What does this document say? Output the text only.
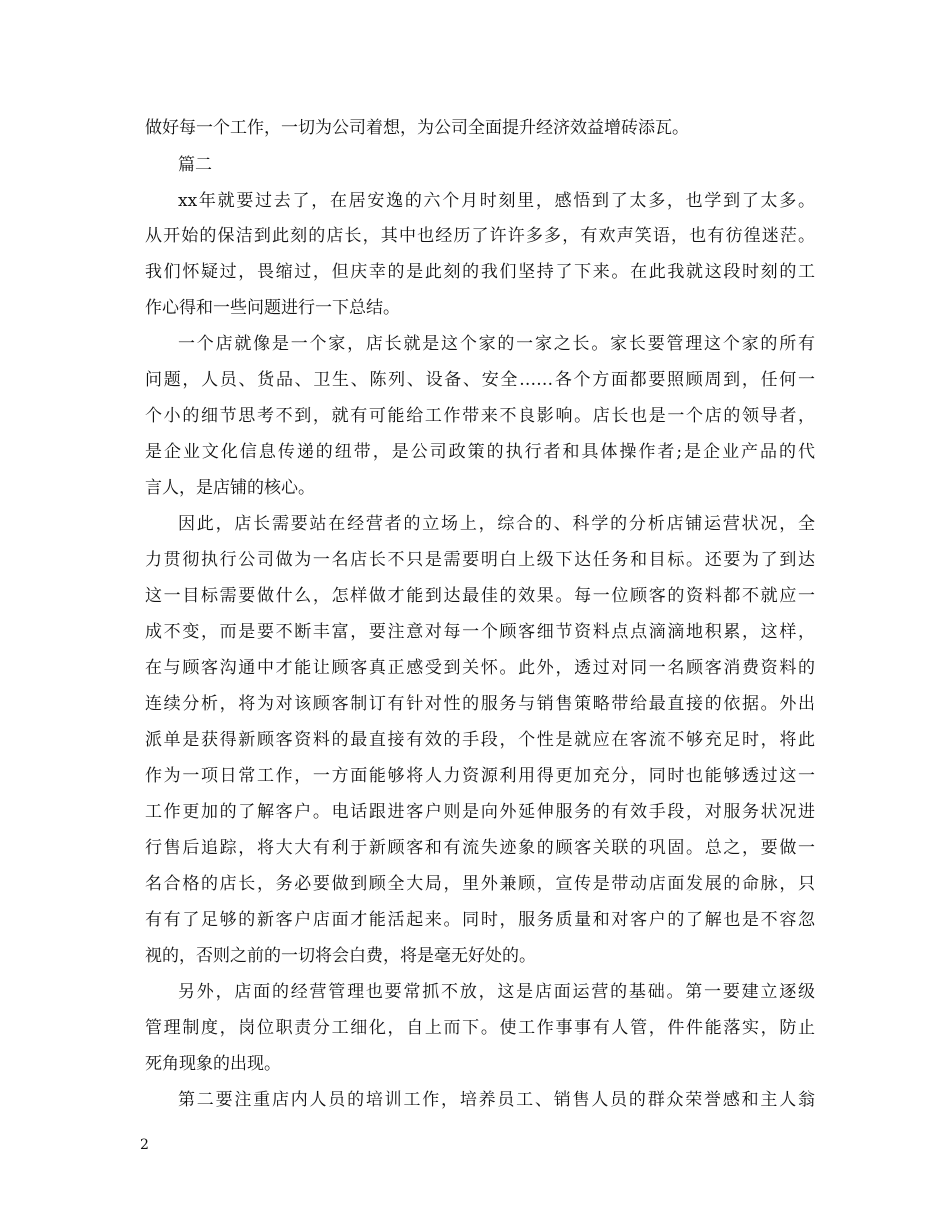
做好每一个工作，一切为公司着想，为公司全面提升经济效益增砖添瓦。
篇二
xx年就要过去了，在居安逸的六个月时刻里，感悟到了太多，也学到了太多。
从开始的保洁到此刻的店长，其中也经历了许许多多，有欢声笑语，也有彷徨迷茫。
我们怀疑过，畏缩过，但庆幸的是此刻的我们坚持了下来。在此我就这段时刻的工
作心得和一些问题进行一下总结。
一个店就像是一个家，店长就是这个家的一家之长。家长要管理这个家的所有
问题，人员、货品、卫生、陈列、设备、安全……各个方面都要照顾周到，任何一
个小的细节思考不到，就有可能给工作带来不良影响。店长也是一个店的领导者，
是企业文化信息传递的纽带，是公司政策的执行者和具体操作者;是企业产品的代
言人，是店铺的核心。
因此，店长需要站在经营者的立场上，综合的、科学的分析店铺运营状况，全
力贯彻执行公司做为一名店长不只是需要明白上级下达任务和目标。还要为了到达
这一目标需要做什么，怎样做才能到达最佳的效果。每一位顾客的资料都不就应一
成不变，而是要不断丰富，要注意对每一个顾客细节资料点点滴滴地积累，这样，
在与顾客沟通中才能让顾客真正感受到关怀。此外，透过对同一名顾客消费资料的
连续分析，将为对该顾客制订有针对性的服务与销售策略带给最直接的依据。外出
派单是获得新顾客资料的最直接有效的手段，个性是就应在客流不够充足时，将此
作为一项日常工作，一方面能够将人力资源利用得更加充分，同时也能够透过这一
工作更加的了解客户。电话跟进客户则是向外延伸服务的有效手段，对服务状况进
行售后追踪，将大大有利于新顾客和有流失迹象的顾客关联的巩固。总之，要做一
名合格的店长，务必要做到顾全大局，里外兼顾，宣传是带动店面发展的命脉，只
有有了足够的新客户店面才能活起来。同时，服务质量和对客户的了解也是不容忽
视的，否则之前的一切将会白费，将是毫无好处的。
另外，店面的经营管理也要常抓不放，这是店面运营的基础。第一要建立逐级
管理制度，岗位职责分工细化，自上而下。使工作事事有人管，件件能落实，防止
死角现象的出现。
第二要注重店内人员的培训工作，培养员工、销售人员的群众荣誉感和主人翁
2
